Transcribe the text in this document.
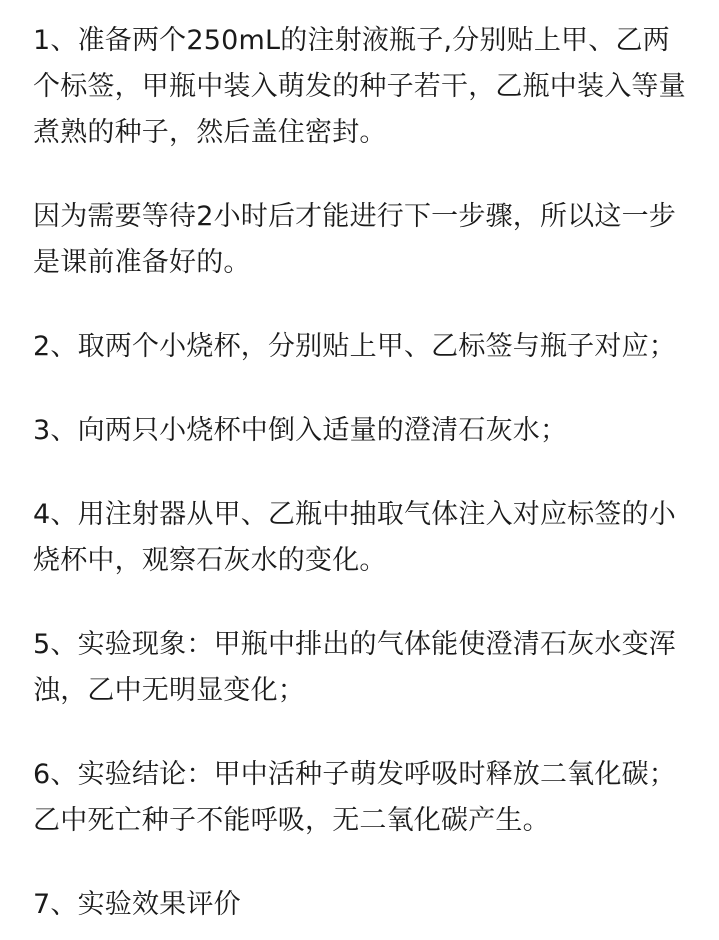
1、准备两个250mL的注射液瓶子,分别贴上甲、乙两个标签，甲瓶中装入萌发的种子若干，乙瓶中装入等量煮熟的种子，然后盖住密封。

因为需要等待2小时后才能进行下一步骤，所以这一步是课前准备好的。

2、取两个小烧杯，分别贴上甲、乙标签与瓶子对应；

3、向两只小烧杯中倒入适量的澄清石灰水；

4、用注射器从甲、乙瓶中抽取气体注入对应标签的小烧杯中，观察石灰水的变化。

5、实验现象：甲瓶中排出的气体能使澄清石灰水变浑浊，乙中无明显变化；

6、实验结论：甲中活种子萌发呼吸时释放二氧化碳；乙中死亡种子不能呼吸，无二氧化碳产生。

7、实验效果评价
